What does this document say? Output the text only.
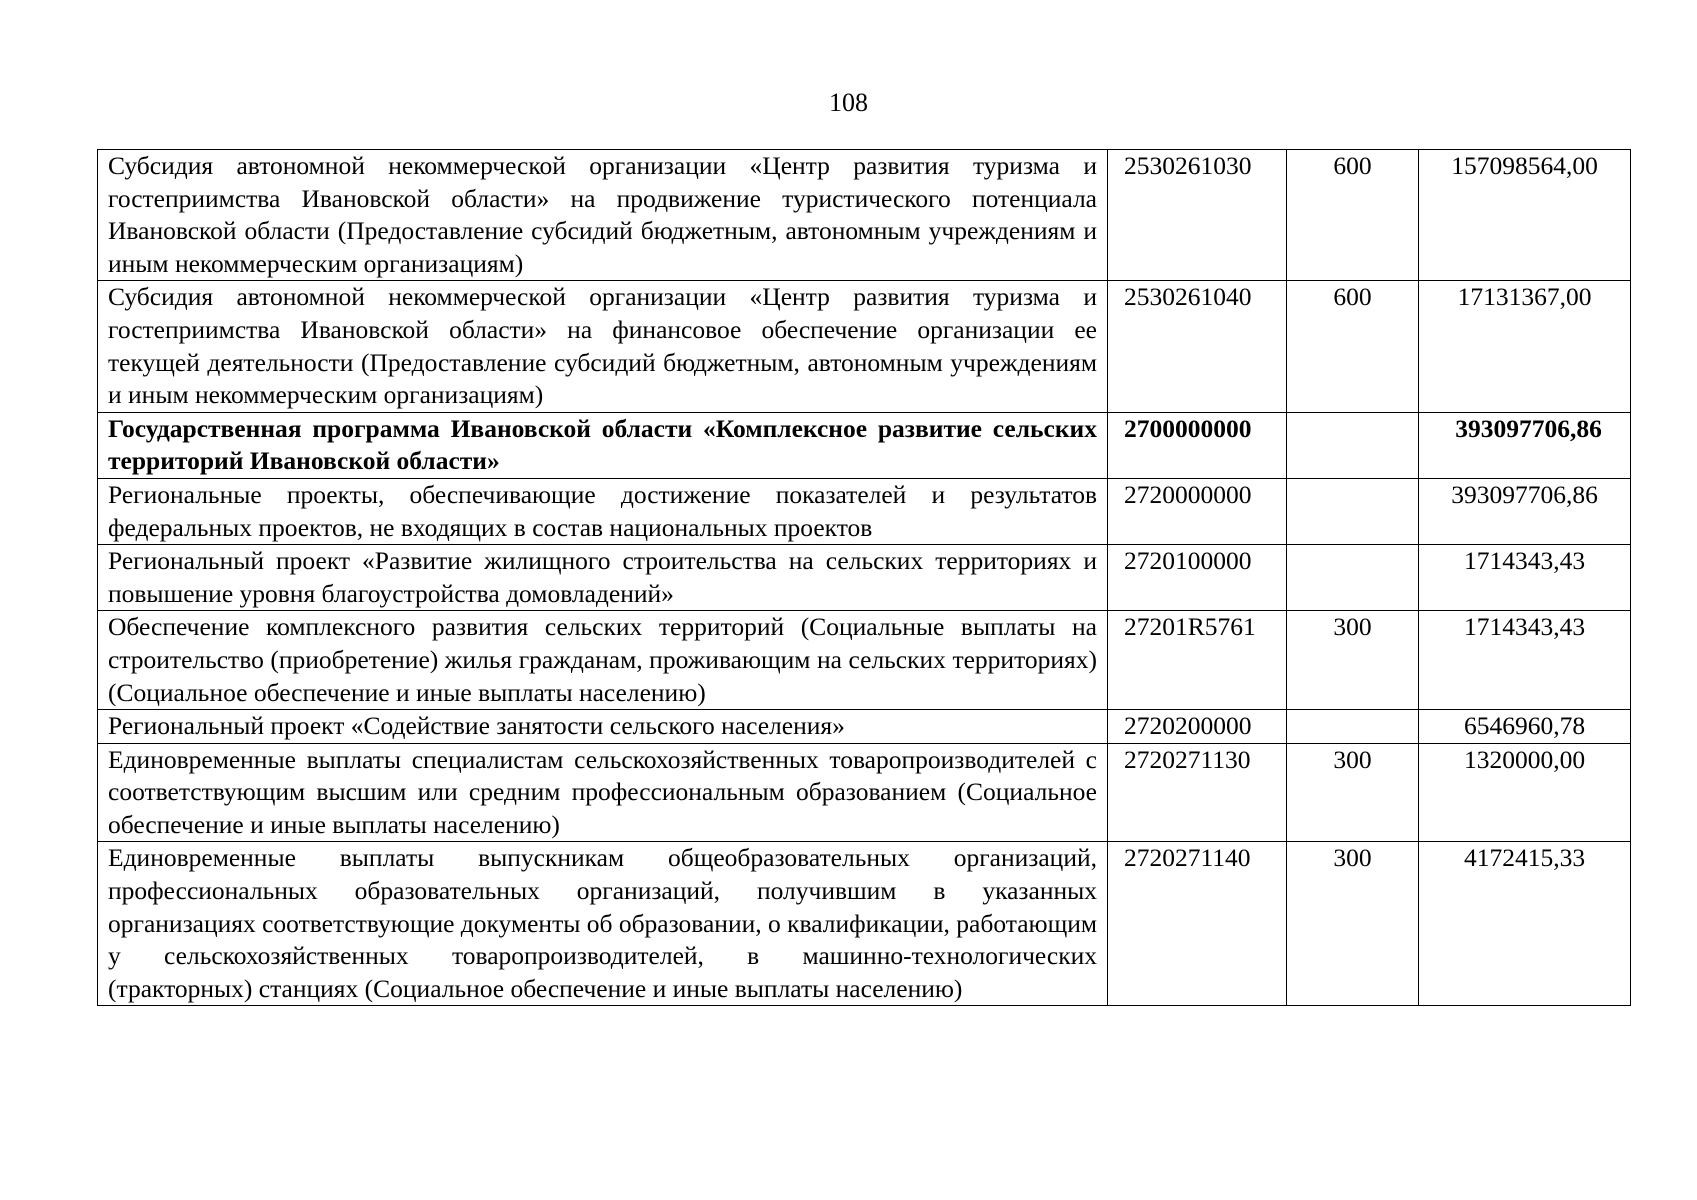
108
Субсидия автономной некоммерческой организации «Центр развития туризма и гостеприимства Ивановской области» на продвижение туристического потенциала Ивановской области (Предоставление субсидий бюджетным, автономным учреждениям и иным некоммерческим организациям)	2530261030	600	157098564,00
Субсидия автономной некоммерческой организации «Центр развития туризма и гостеприимства Ивановской области» на финансовое обеспечение организации ее текущей деятельности (Предоставление субсидий бюджетным, автономным учреждениям и иным некоммерческим организациям)	2530261040	600	17131367,00
Государственная программа Ивановской области «Комплексное развитие сельских территорий Ивановской области»	2700000000		393097706,86
Региональные проекты, обеспечивающие достижение показателей и результатов федеральных проектов, не входящих в состав национальных проектов	2720000000		393097706,86
Региональный проект «Развитие жилищного строительства на сельских территориях и повышение уровня благоустройства домовладений»	2720100000		1714343,43
Обеспечение комплексного развития сельских территорий (Социальные выплаты на строительство (приобретение) жилья гражданам, проживающим на сельских территориях) (Социальное обеспечение и иные выплаты населению)	27201R5761	300	1714343,43
Региональный проект «Содействие занятости сельского населения»	2720200000		6546960,78
Единовременные выплаты специалистам сельскохозяйственных товаропроизводителей с соответствующим высшим или средним профессиональным образованием (Социальное обеспечение и иные выплаты населению)	2720271130	300	1320000,00
Единовременные выплаты выпускникам общеобразовательных организаций, профессиональных образовательных организаций, получившим в указанных организациях соответствующие документы об образовании, о квалификации, работающим у сельскохозяйственных товаропроизводителей, в машинно-технологических (тракторных) станциях (Социальное обеспечение и иные выплаты населению)	2720271140	300	4172415,33
